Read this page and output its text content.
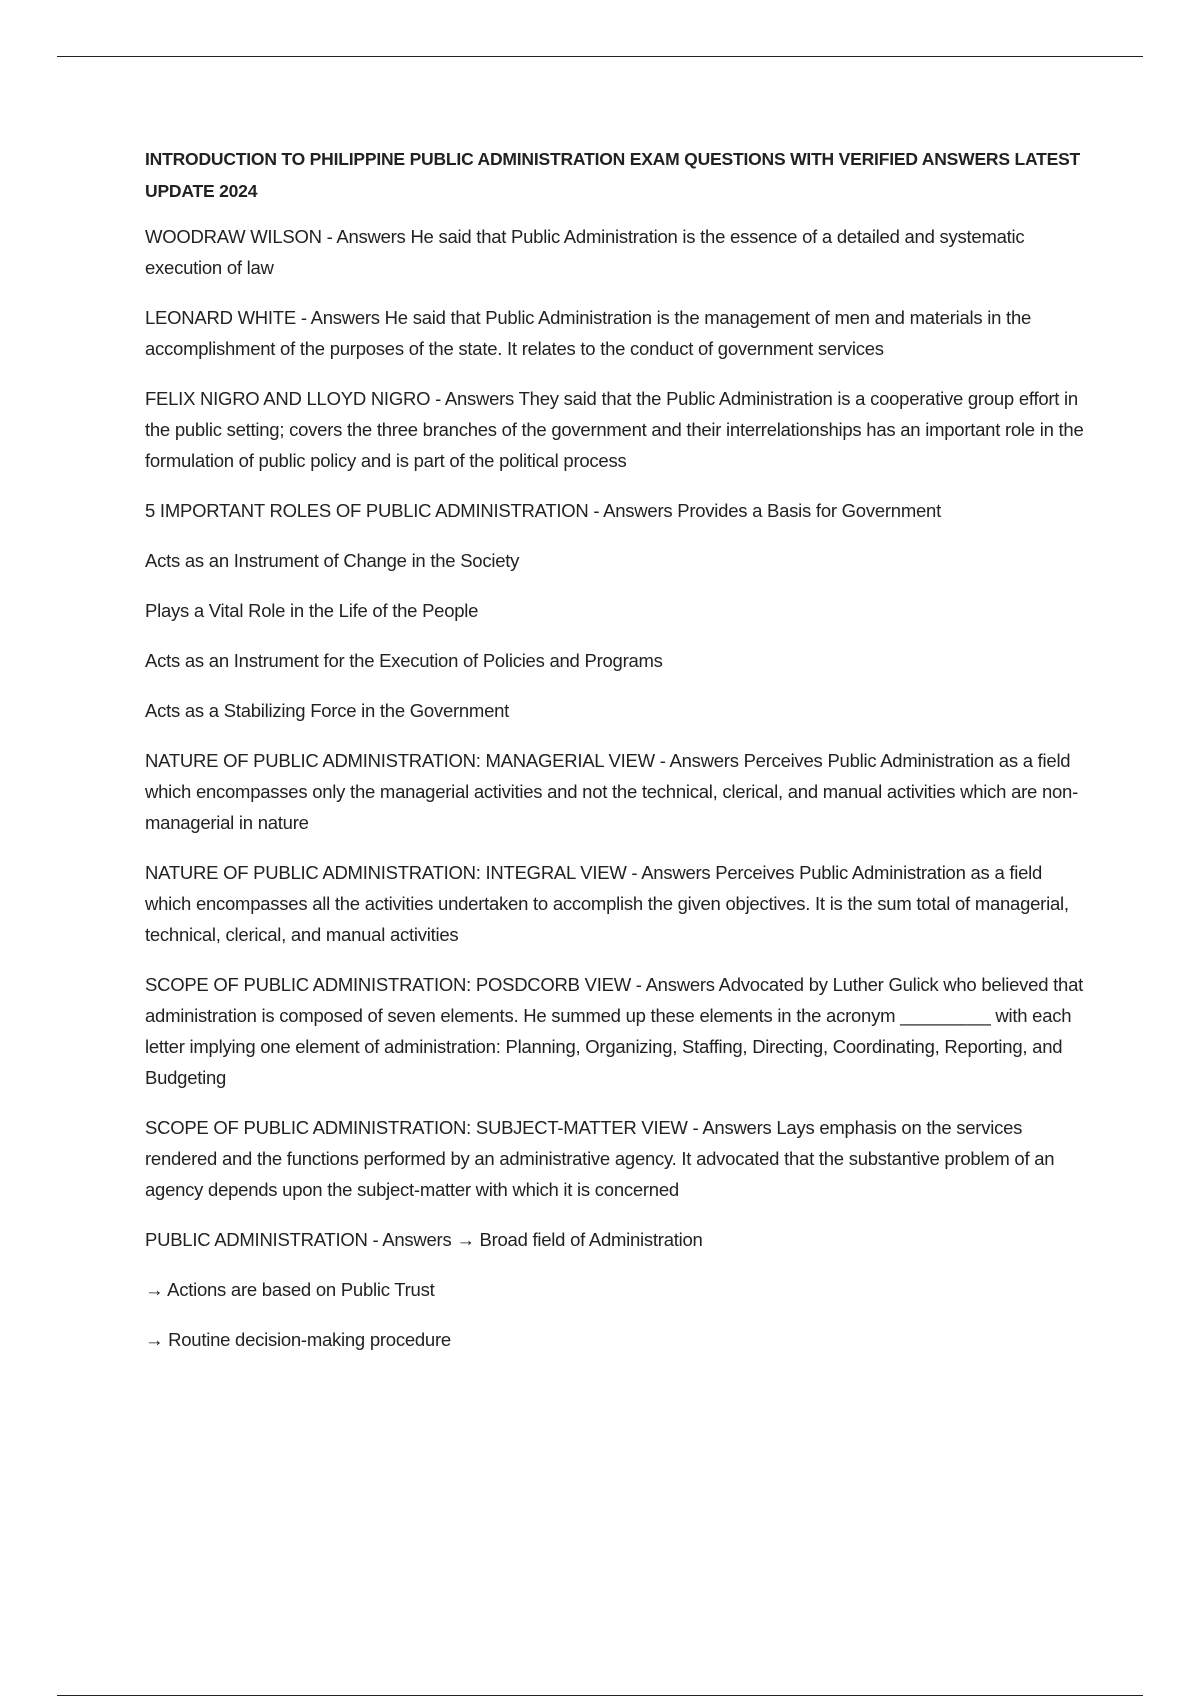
INTRODUCTION TO PHILIPPINE PUBLIC ADMINISTRATION EXAM QUESTIONS WITH VERIFIED ANSWERS LATEST UPDATE 2024

WOODRAW WILSON - Answers He said that Public Administration is the essence of a detailed and systematic execution of law

LEONARD WHITE - Answers He said that Public Administration is the management of men and materials in the accomplishment of the purposes of the state. It relates to the conduct of government services

FELIX NIGRO AND LLOYD NIGRO - Answers They said that the Public Administration is a cooperative group effort in the public setting; covers the three branches of the government and their interrelationships has an important role in the formulation of public policy and is part of the political process

5 IMPORTANT ROLES OF PUBLIC ADMINISTRATION - Answers Provides a Basis for Government

Acts as an Instrument of Change in the Society

Plays a Vital Role in the Life of the People

Acts as an Instrument for the Execution of Policies and Programs

Acts as a Stabilizing Force in the Government

NATURE OF PUBLIC ADMINISTRATION: MANAGERIAL VIEW - Answers Perceives Public Administration as a field which encompasses only the managerial activities and not the technical, clerical, and manual activities which are non-managerial in nature

NATURE OF PUBLIC ADMINISTRATION: INTEGRAL VIEW - Answers Perceives Public Administration as a field which encompasses all the activities undertaken to accomplish the given objectives. It is the sum total of managerial, technical, clerical, and manual activities

SCOPE OF PUBLIC ADMINISTRATION: POSDCORB VIEW - Answers Advocated by Luther Gulick who believed that administration is composed of seven elements. He summed up these elements in the acronym _________ with each letter implying one element of administration: Planning, Organizing, Staffing, Directing, Coordinating, Reporting, and Budgeting

SCOPE OF PUBLIC ADMINISTRATION: SUBJECT-MATTER VIEW - Answers Lays emphasis on the services rendered and the functions performed by an administrative agency. It advocated that the substantive problem of an agency depends upon the subject-matter with which it is concerned

PUBLIC ADMINISTRATION - Answers → Broad field of Administration

→ Actions are based on Public Trust

→ Routine decision-making procedure
